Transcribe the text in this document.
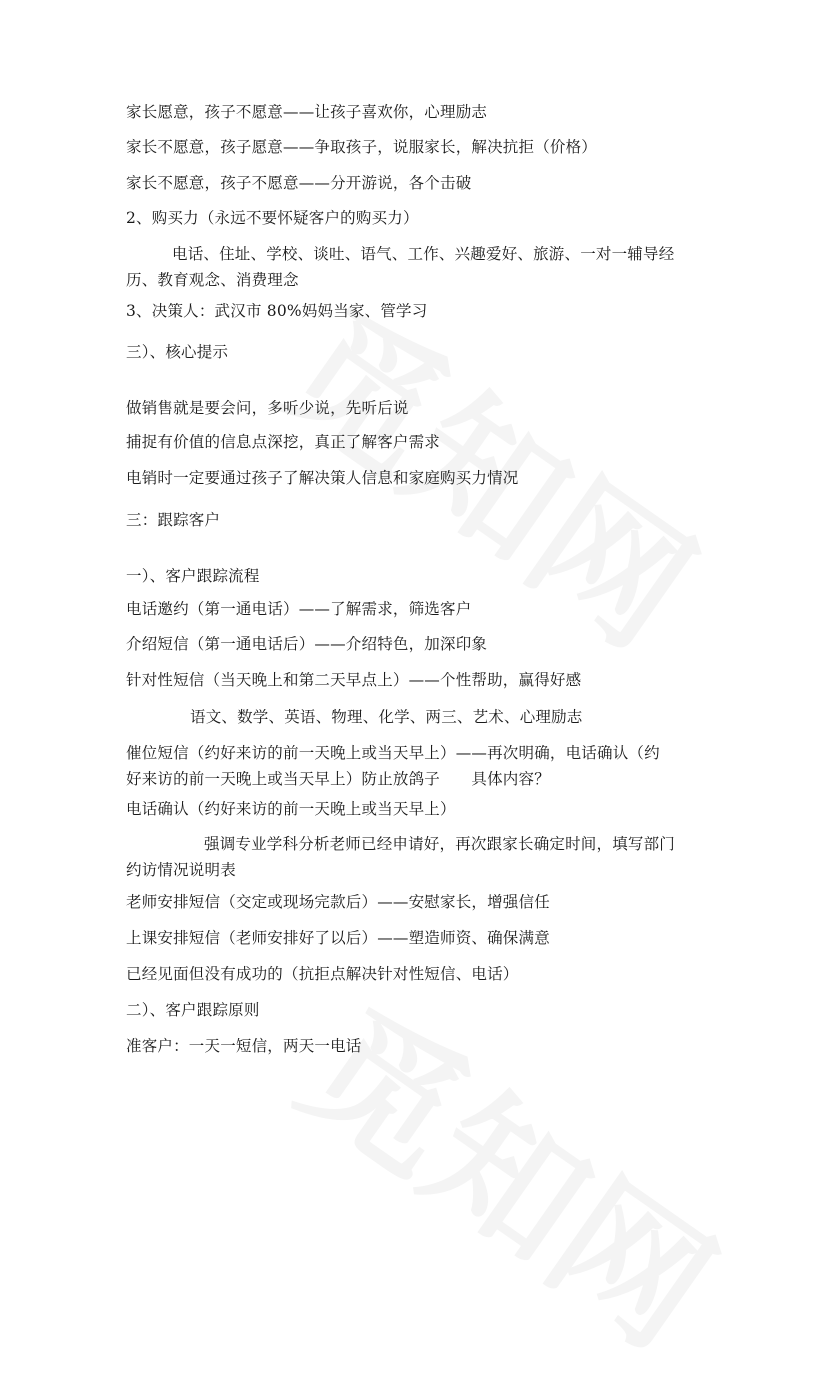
家长愿意，孩子不愿意——让孩子喜欢你，心理励志
家长不愿意，孩子愿意——争取孩子，说服家长，解决抗拒（价格）
家长不愿意，孩子不愿意——分开游说，各个击破
2、购买力（永远不要怀疑客户的购买力）
电话、住址、学校、谈吐、语气、工作、兴趣爱好、旅游、一对一辅导经
历、教育观念、消费理念
3、决策人：武汉市 80%妈妈当家、管学习
三）、核心提示
做销售就是要会问，多听少说，先听后说
捕捉有价值的信息点深挖，真正了解客户需求
电销时一定要通过孩子了解决策人信息和家庭购买力情况
三：跟踪客户
一）、客户跟踪流程
电话邀约（第一通电话）——了解需求，筛选客户
介绍短信（第一通电话后）——介绍特色，加深印象
针对性短信（当天晚上和第二天早点上）——个性帮助，赢得好感
语文、数学、英语、物理、化学、两三、艺术、心理励志
催位短信（约好来访的前一天晚上或当天早上）——再次明确，电话确认（约
好来访的前一天晚上或当天早上）防止放鸽子　　具体内容？
电话确认（约好来访的前一天晚上或当天早上）
强调专业学科分析老师已经申请好，再次跟家长确定时间，填写部门
约访情况说明表
老师安排短信（交定或现场完款后）——安慰家长，增强信任
上课安排短信（老师安排好了以后）——塑造师资、确保满意
已经见面但没有成功的（抗拒点解决针对性短信、电话）
二）、客户跟踪原则
准客户：一天一短信，两天一电话
